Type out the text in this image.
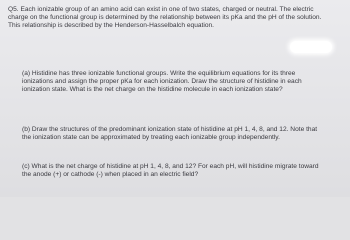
Q5. Each ionizable group of an amino acid can exist in one of two states, charged or neutral. The electric charge on the functional group is determined by the relationship between its pKa and the pH of the solution. This relationship is described by the Henderson-Hasselbalch equation.
(a) Histidine has three ionizable functional groups. Write the equilibrium equations for its three ionizations and assign the proper pKa for each ionization. Draw the structure of histidine in each ionization state. What is the net charge on the histidine molecule in each ionization state?
(b) Draw the structures of the predominant ionization state of histidine at pH 1, 4, 8, and 12. Note that the ionization state can be approximated by treating each ionizable group independently.
(c) What is the net charge of histidine at pH 1, 4, 8, and 12? For each pH, will histidine migrate toward the anode (+) or cathode (-) when placed in an electric field?
